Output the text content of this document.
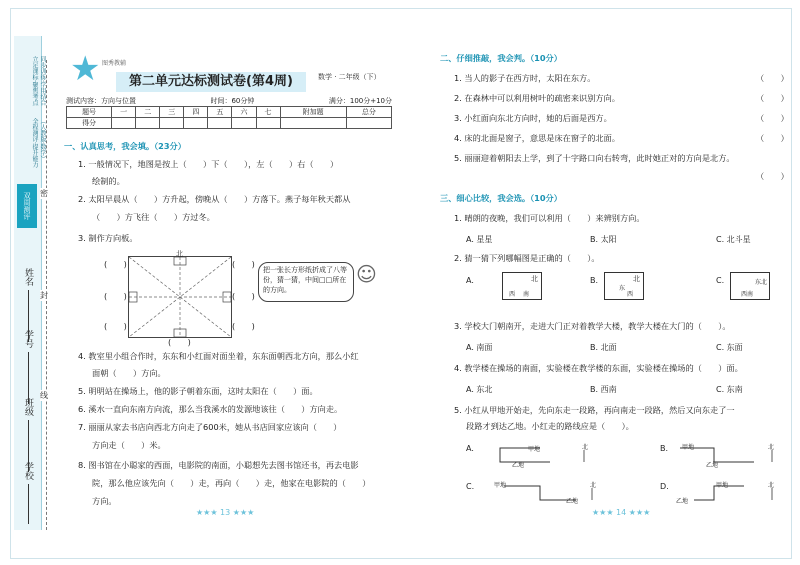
立足课标·聚焦考点 同步训练·学用结合
全程测评·提升能力 （人教版·数学）
双周测评	密
封
线
姓名
学号
班级
学校
★ 图秀教辅
第二单元达标测试卷(第4周)	数学 · 二年级（下）
测试内容：方向与位置	时间：60分钟	满分：100分+10分
题号	一	二	三	四	五	六	七	附加题	总分
得分									
一、认真思考，我会填。（23分）
1. 一般情况下，地图是按上（　　）下（　　），左（　　）右（　　）
绘制的。
2. 太阳早晨从（　　）方升起，傍晚从（　　）方落下。燕子每年秋天都从
（　　）方飞往（　　）方过冬。
3. 制作方向板。
北
(　　)	(　　)
(　　)	(　　)
(　　)	(　　)
(　　)
把一张长方形纸折成了八等份，猜一猜，中间□□所在的方向。
☺
4. 教室里小组合作时，东东和小红面对面坐着，东东面朝西北方向，那么小红
面朝（　　）方向。
5. 明明站在操场上，他的影子朝着东面，这时太阳在（　　）面。
6. 溪水一直向东南方向流，那么当我溪水的发源地该往（　　）方向走。
7. 丽丽从家去书店向西北方向走了600米，她从书店回家应该向（　　）
方向走（　　）米。
8. 图书馆在小聪家的西面，电影院的南面，小聪想先去图书馆还书，再去电影
院，那么他应该先向（　　）走，再向（　　）走，他家在电影院的（　　）
方向。
★★★ 13 ★★★
二、仔细推敲，我会判。（10分）
1. 当人的影子在西方时，太阳在东方。	（　　）
2. 在森林中可以利用树叶的疏密来识别方向。	（　　）
3. 小红面向东北方向时，她的后面是西方。	（　　）
4. 床的北面是窗子，意思是床在窗子的北面。	（　　）
5. 丽丽迎着朝阳去上学，到了十字路口向右转弯，此时她正对的方向是北方。
（　　）
三、细心比较，我会选。（10分）
1. 晴朗的夜晚，我们可以利用（　　）来辨别方向。
A. 星星	B. 太阳	C. 北斗星
2. 猜一猜下列哪幅图是正确的（　　）。
A.	北
西 南
B.	北
东
西
C.	东北
西南
3. 学校大门朝南开，走进大门正对着教学大楼，教学大楼在大门的（　　）。
A. 南面	B. 北面	C. 东面
4. 教学楼在操场的南面，实验楼在教学楼的东面，实验楼在操场的（　　）面。
A. 东北	B. 西南	C. 东南
5. 小红从甲地开始走，先向东走一段路，再向南走一段路，然后又向东走了一
段路才到达乙地。小红走的路线应是（　　）。
A.	甲地
乙地
北	B. 甲地
乙地
北
C.	甲地
乙地
北	D.	甲地
乙地
北
★★★ 14 ★★★
